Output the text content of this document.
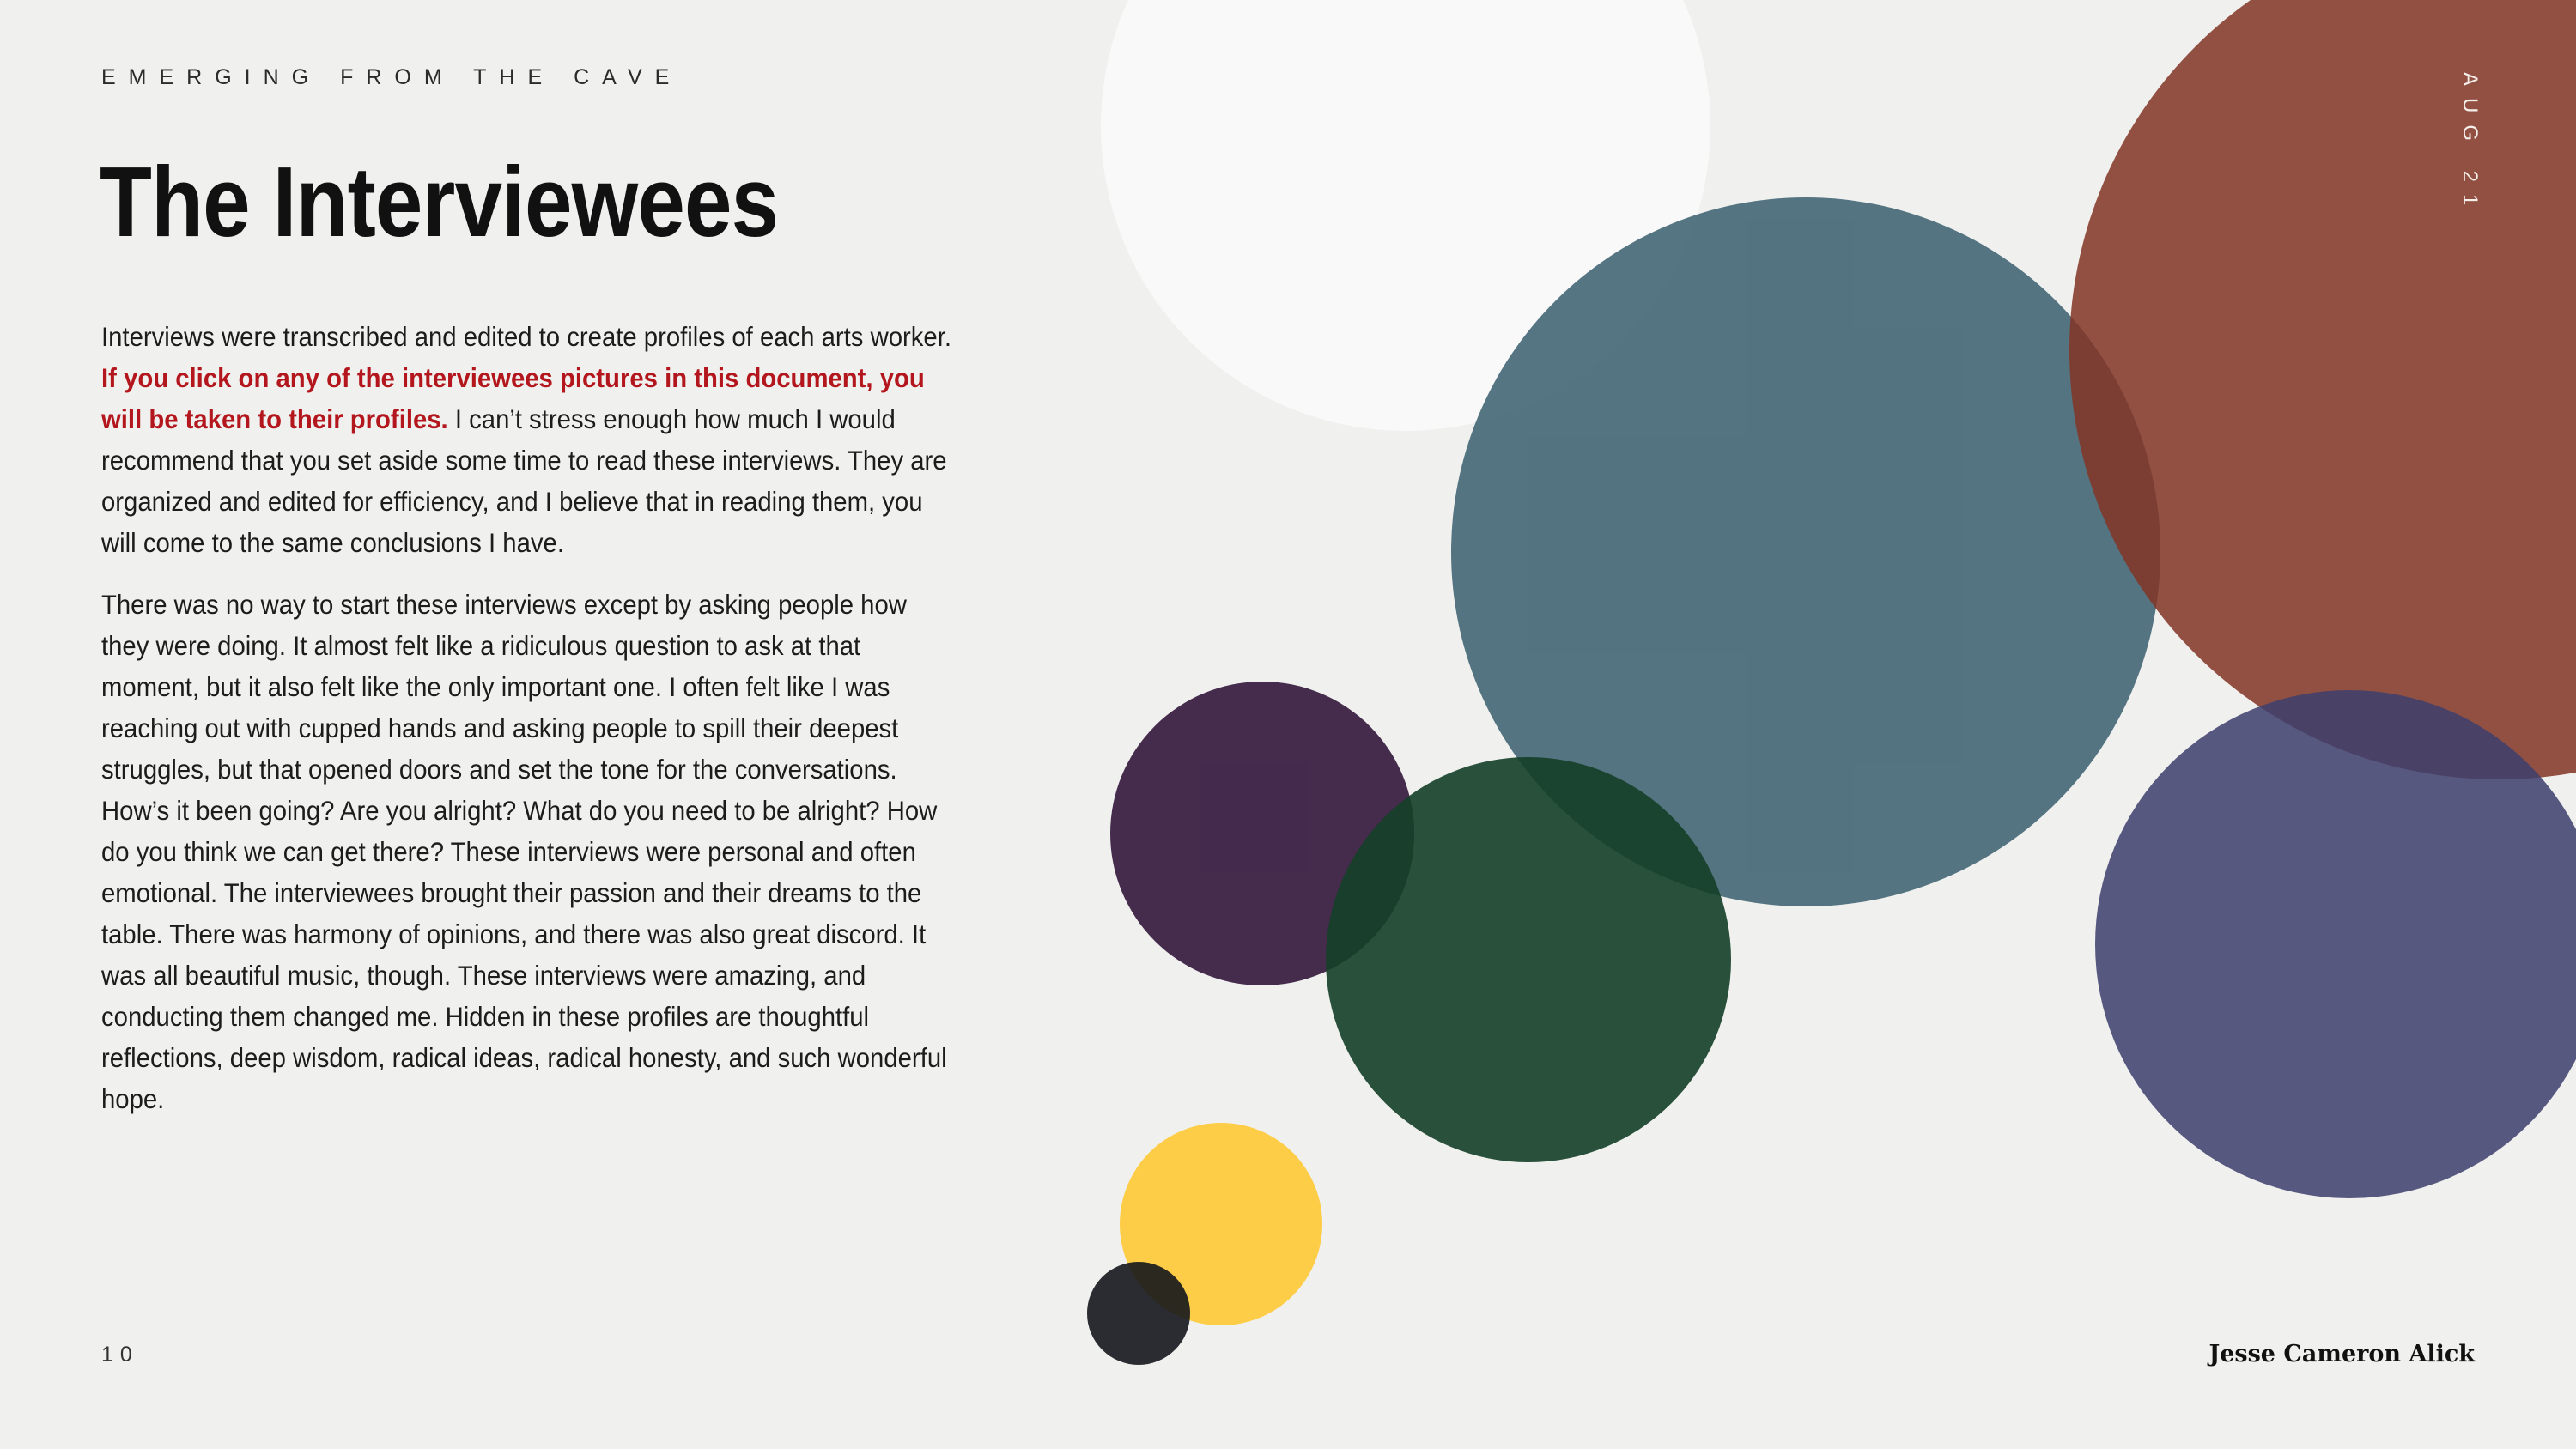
EMERGING FROM THE CAVE
The Interviewees

Interviews were transcribed and edited to create profiles of each arts worker. If you click on any of the interviewees pictures in this document, you will be taken to their profiles. I can’t stress enough how much I would recommend that you set aside some time to read these interviews. They are organized and edited for efficiency, and I believe that in reading them, you will come to the same conclusions I have.

There was no way to start these interviews except by asking people how they were doing. It almost felt like a ridiculous question to ask at that moment, but it also felt like the only important one. I often felt like I was reaching out with cupped hands and asking people to spill their deepest struggles, but that opened doors and set the tone for the conversations. How’s it been going? Are you alright? What do you need to be alright? How do you think we can get there? These interviews were personal and often emotional. The interviewees brought their passion and their dreams to the table. There was harmony of opinions, and there was also great discord. It was all beautiful music, though. These interviews were amazing, and conducting them changed me. Hidden in these profiles are thoughtful reflections, deep wisdom, radical ideas, radical honesty, and such wonderful hope.

AUG 21
10	Jesse Cameron Alick
